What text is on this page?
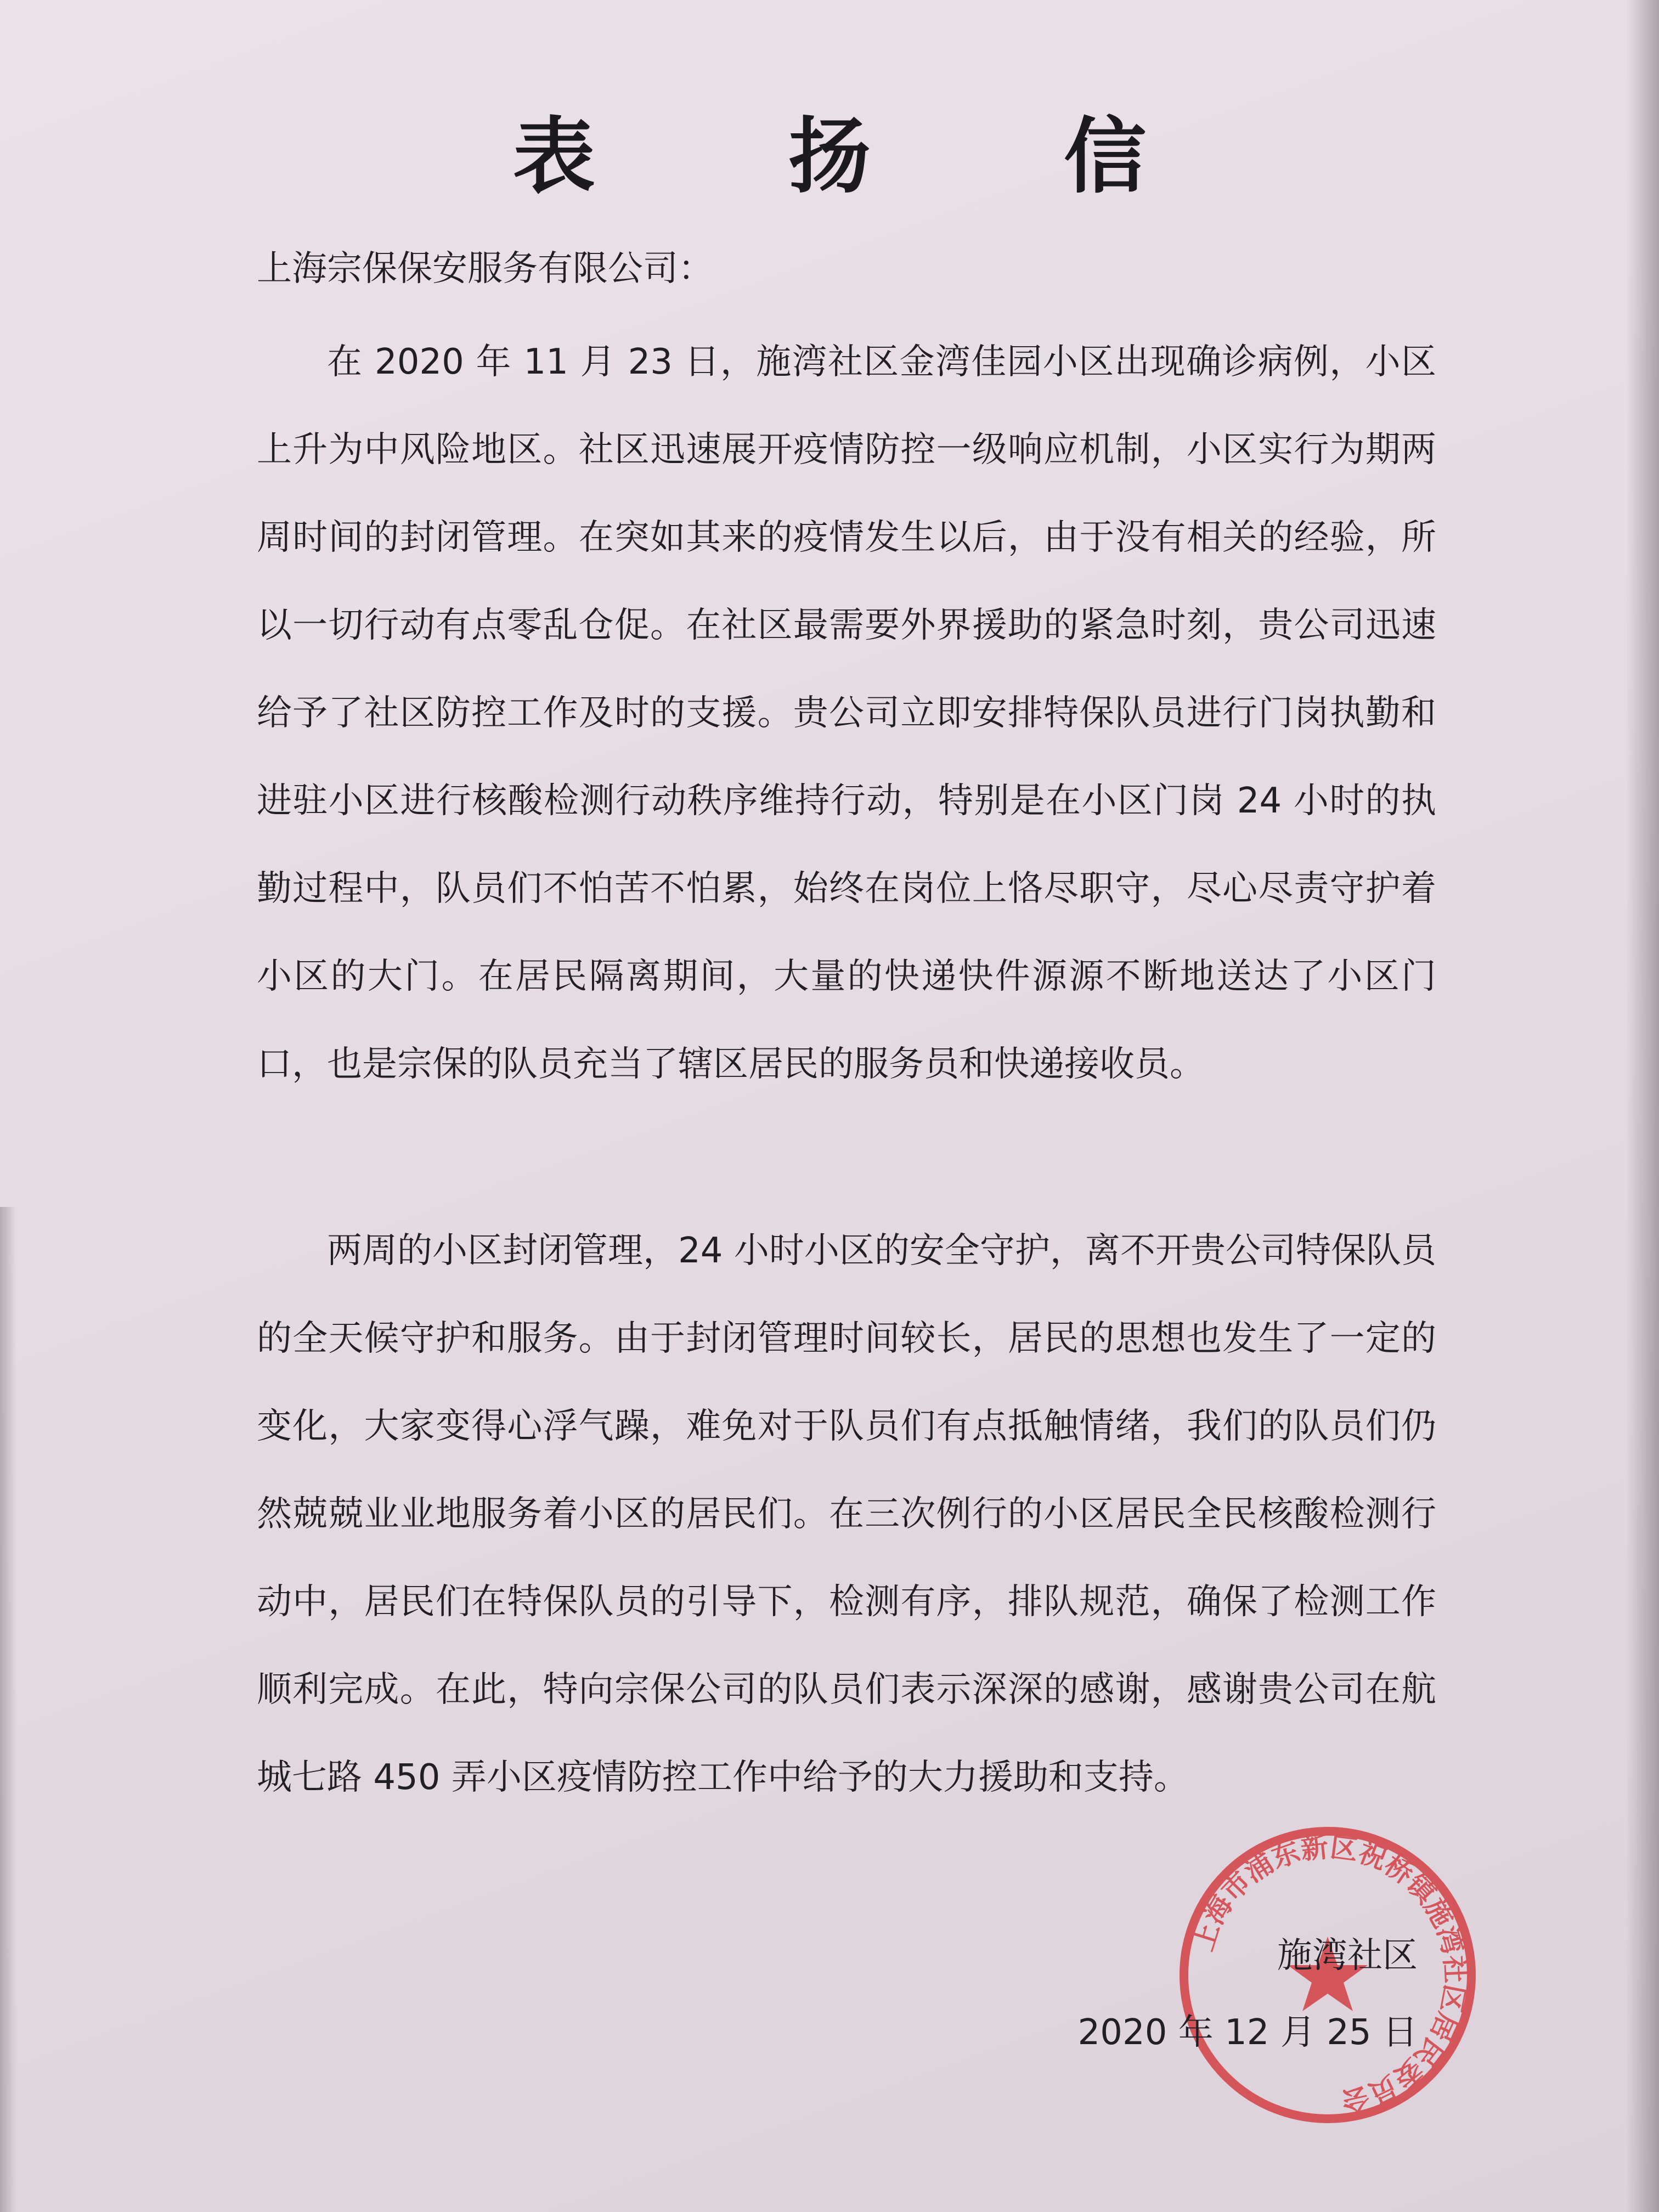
表 扬 信
上海宗保保安服务有限公司：

在 2020 年 11 月 23 日，施湾社区金湾佳园小区出现确诊病例，小区上升为中风险地区。社区迅速展开疫情防控一级响应机制，小区实行为期两周时间的封闭管理。在突如其来的疫情发生以后，由于没有相关的经验，所以一切行动有点零乱仓促。在社区最需要外界援助的紧急时刻，贵公司迅速给予了社区防控工作及时的支援。贵公司立即安排特保队员进行门岗执勤和进驻小区进行核酸检测行动秩序维持行动，特别是在小区门岗 24 小时的执勤过程中，队员们不怕苦不怕累，始终在岗位上恪尽职守，尽心尽责守护着小区的大门。在居民隔离期间，大量的快递快件源源不断地送达了小区门口，也是宗保的队员充当了辖区居民的服务员和快递接收员。

两周的小区封闭管理，24 小时小区的安全守护，离不开贵公司特保队员的全天候守护和服务。由于封闭管理时间较长，居民的思想也发生了一定的变化，大家变得心浮气躁，难免对于队员们有点抵触情绪，我们的队员们仍然兢兢业业地服务着小区的居民们。在三次例行的小区居民全民核酸检测行动中，居民们在特保队员的引导下，检测有序，排队规范，确保了检测工作顺利完成。在此，特向宗保公司的队员们表示深深的感谢，感谢贵公司在航城七路 450 弄小区疫情防控工作中给予的大力援助和支持。

上海市浦东新区祝桥镇施湾社区居民委员会
施湾社区
2020 年 12 月 25 日
